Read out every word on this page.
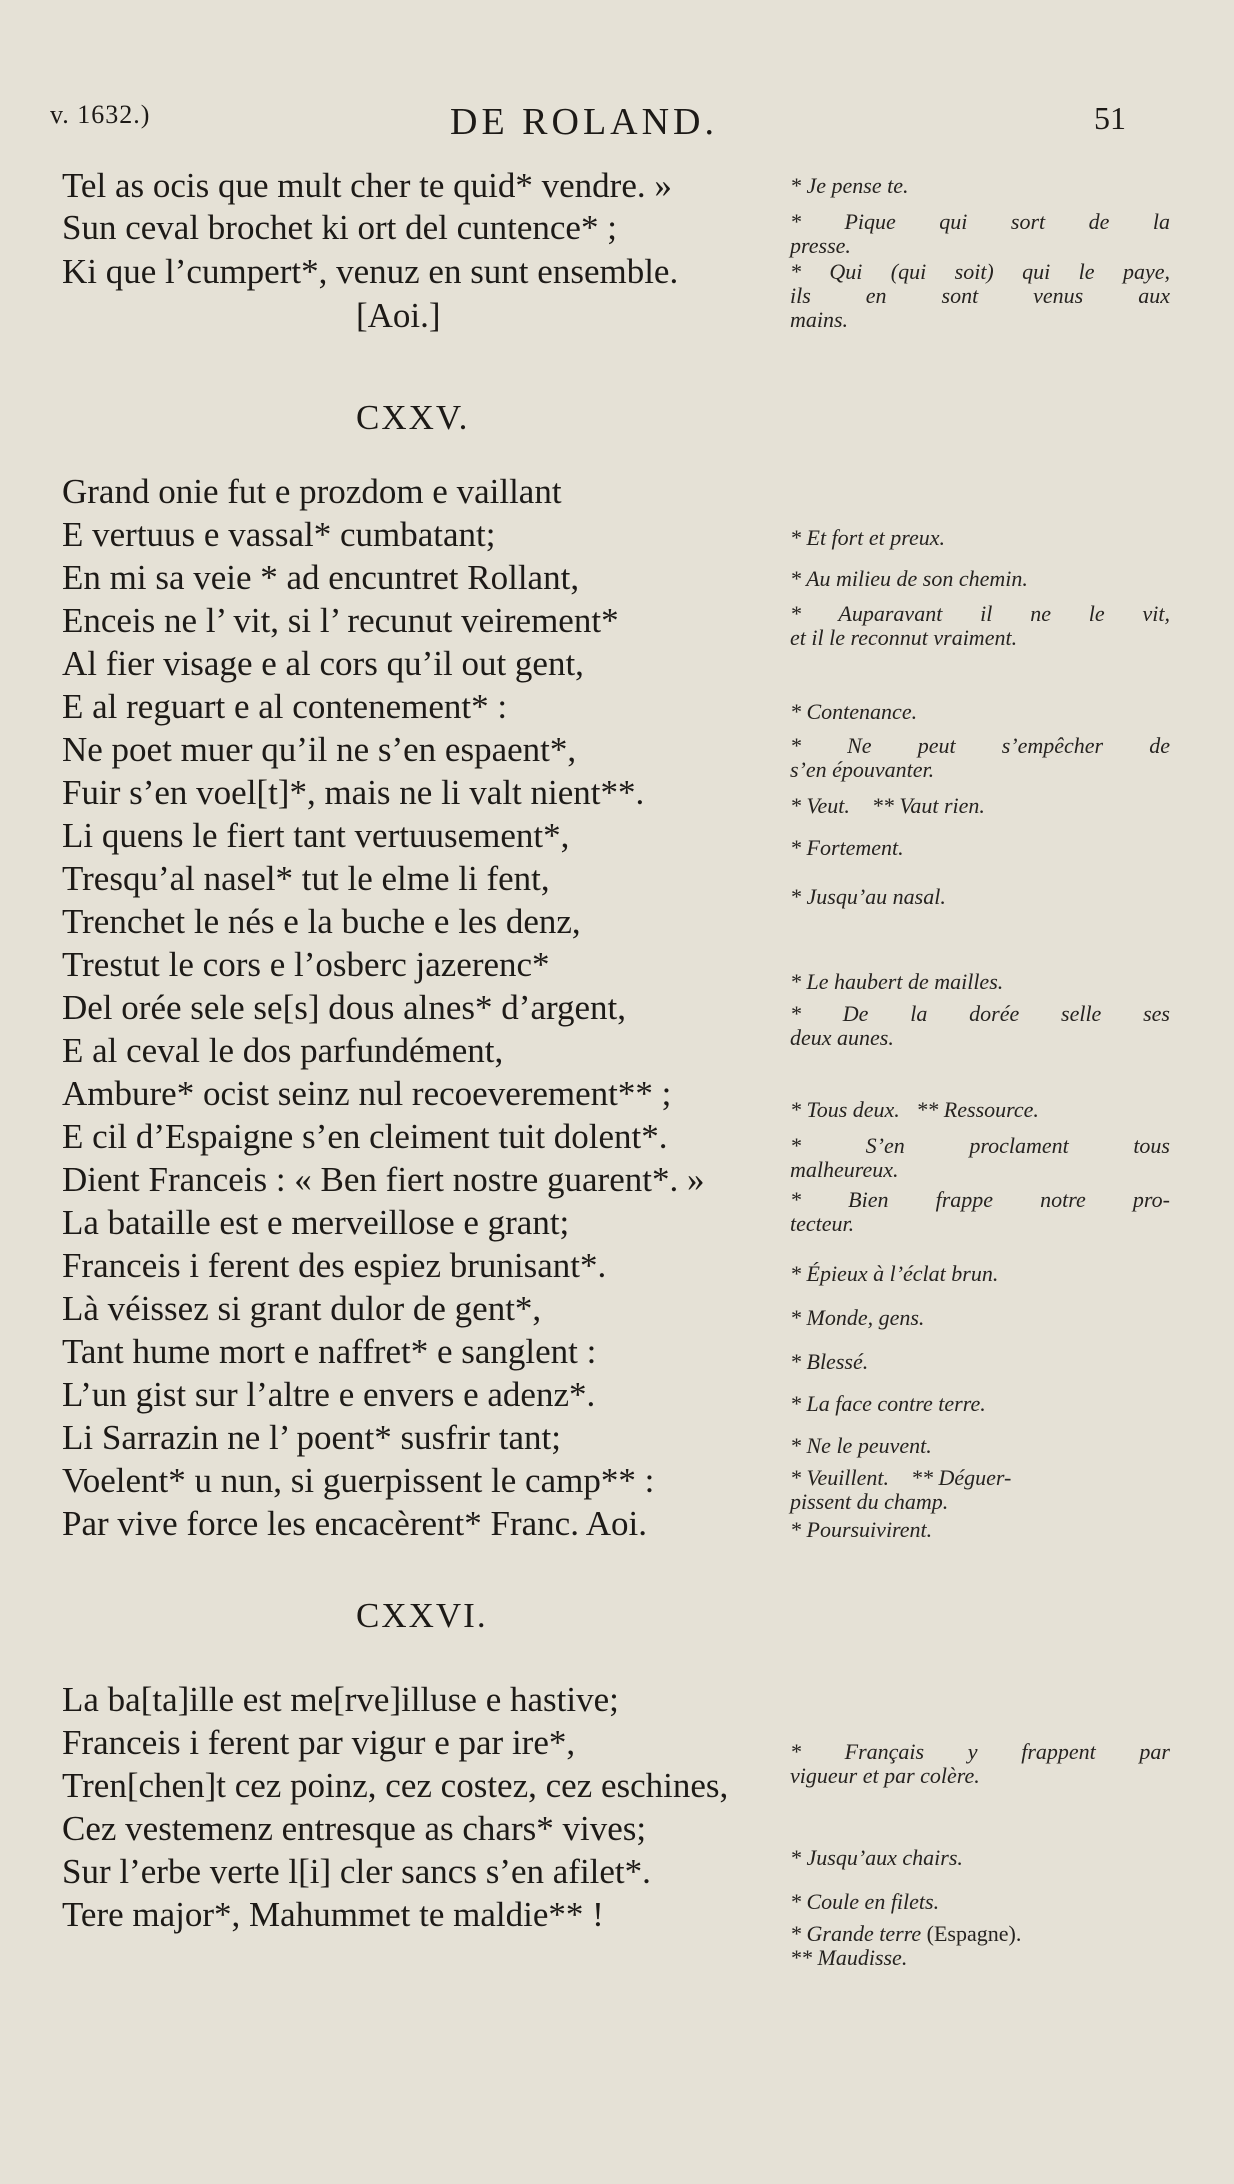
v. 1632.)	DE ROLAND.	51
Tel as ocis que mult cher te quid* vendre. »
Sun ceval brochet ki ort del cuntence* ;
Ki que l’cumpert*, venuz en sunt ensemble.
[Aoi.]
* Je pense te.
* Pique qui sort de la
presse.
* Qui (qui soit) qui le paye,
ils en sont venus aux
mains.
CXXV.
Grand onie fut e prozdom e vaillant
E vertuus e vassal* cumbatant;
En mi sa veie * ad encuntret Rollant,
Enceis ne l’ vit, si l’ recunut veirement*
Al fier visage e al cors qu’il out gent,
E al reguart e al contenement* :
Ne poet muer qu’il ne s’en espaent*,
Fuir s’en voel[t]*, mais ne li valt nient**.
Li quens le fiert tant vertuusement*,
Tresqu’al nasel* tut le elme li fent,
Trenchet le nés e la buche e les denz,
Trestut le cors e l’osberc jazerenc*
Del orée sele se[s] dous alnes* d’argent,
E al ceval le dos parfundément,
Ambure* ocist seinz nul recoeverement** ;
E cil d’Espaigne s’en cleiment tuit dolent*.
Dient Franceis : « Ben fiert nostre guarent*. »
La bataille est e merveillose e grant;
Franceis i ferent des espiez brunisant*.
Là véissez si grant dulor de gent*,
Tant hume mort e naffret* e sanglent :
L’un gist sur l’altre e envers e adenz*.
Li Sarrazin ne l’ poent* susfrir tant;
Voelent* u nun, si guerpissent le camp** :
Par vive force les encacèrent* Franc. Aoi.
* Et fort et preux.
* Au milieu de son chemin.
* Auparavant il ne le vit,
et il le reconnut vraiment.
* Contenance.
* Ne peut s’empêcher de
s’en épouvanter.
* Veut.    ** Vaut rien.
* Fortement.
* Jusqu’au nasal.
* Le haubert de mailles.
* De la dorée selle ses
deux aunes.
* Tous deux.   ** Ressource.
* S’en proclament tous
malheureux.
* Bien frappe notre pro-
tecteur.
* Épieux à l’éclat brun.
* Monde, gens.
* Blessé.
* La face contre terre.
* Ne le peuvent.
* Veuillent.    ** Déguer-
pissent du champ.
* Poursuivirent.
CXXVI.
La ba[ta]ille est me[rve]illuse e hastive;
Franceis i ferent par vigur e par ire*,
Tren[chen]t cez poinz, cez costez, cez eschines,
Cez vestemenz entresque as chars* vives;
Sur l’erbe verte l[i] cler sancs s’en afilet*.
Tere major*, Mahummet te maldie** !
* Français y frappent par
vigueur et par colère.
* Jusqu’aux chairs.
* Coule en filets.
* Grande terre (Espagne).
** Maudisse.
